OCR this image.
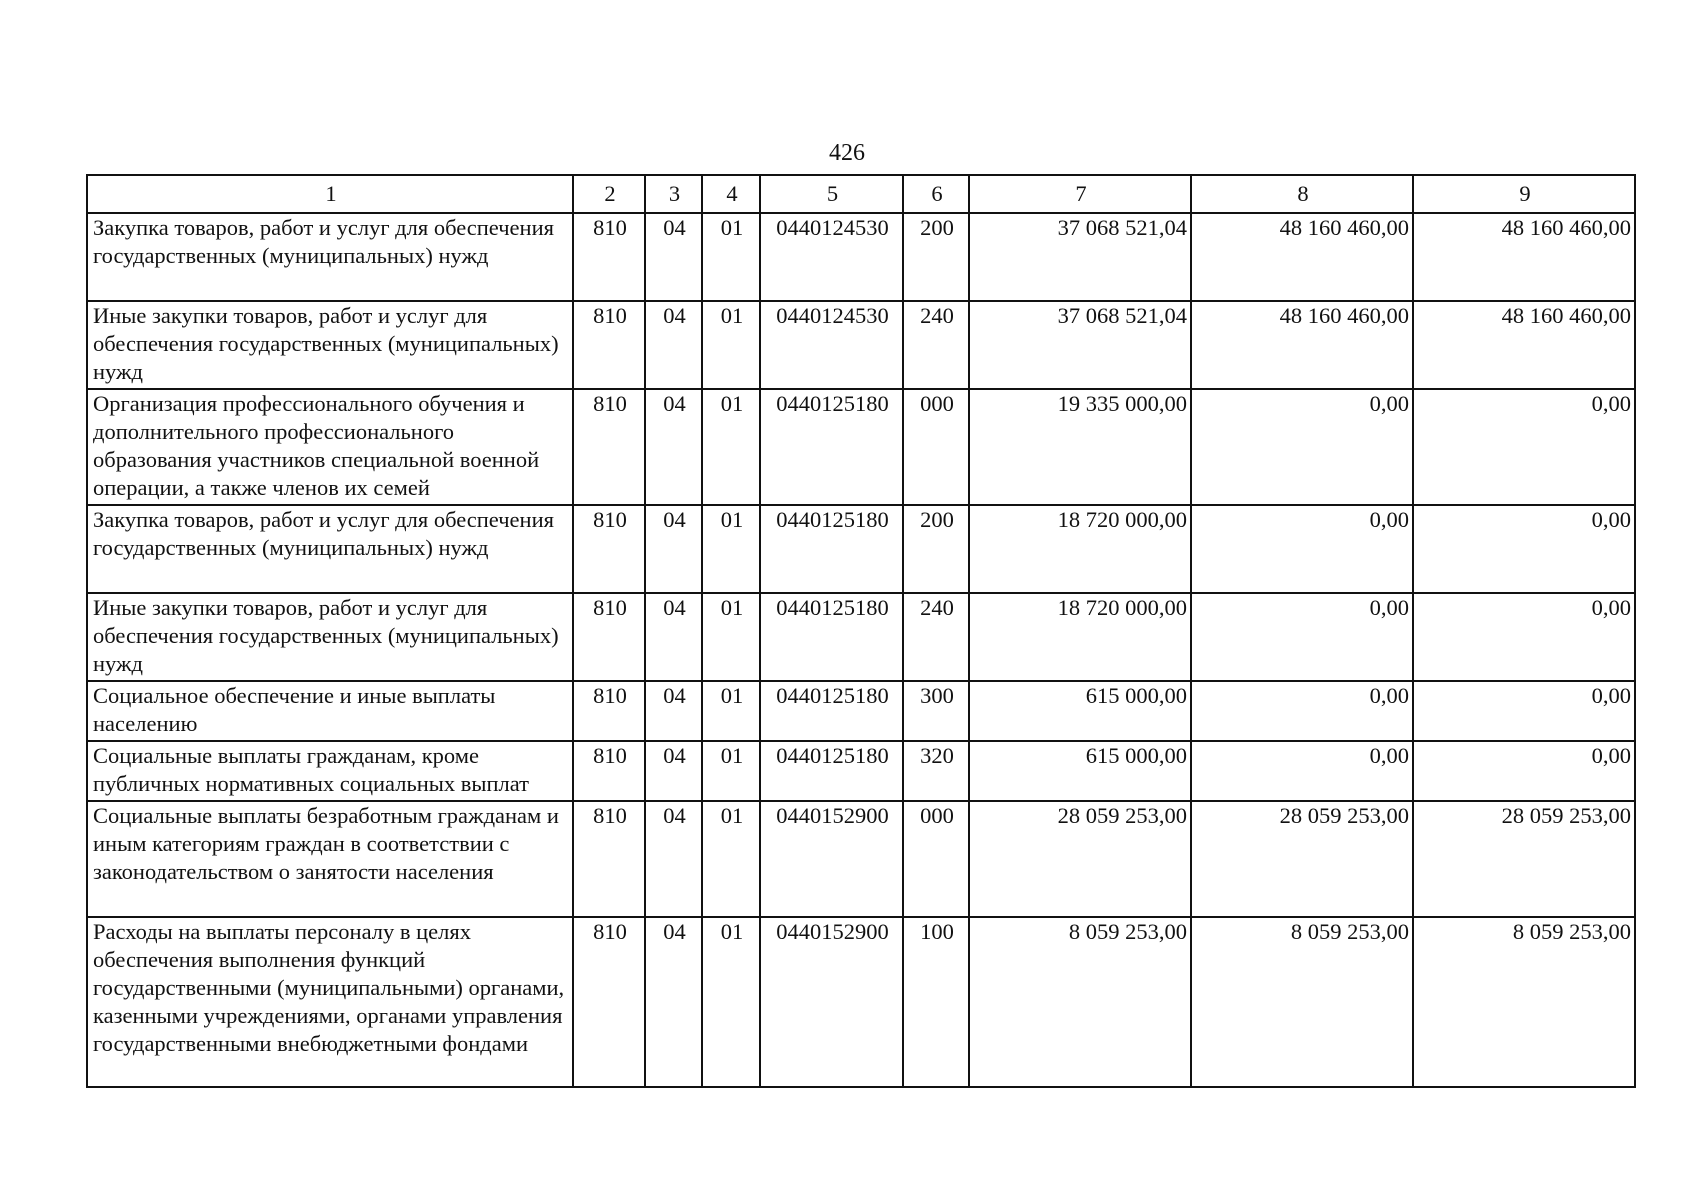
426
1	2	3	4	5	6	7	8	9
Закупка товаров, работ и услуг для обеспечения государственных (муниципальных) нужд	810	04	01	0440124530	200	37 068 521,04	48 160 460,00	48 160 460,00
Иные закупки товаров, работ и услуг для обеспечения государственных (муниципальных) нужд	810	04	01	0440124530	240	37 068 521,04	48 160 460,00	48 160 460,00
Организация профессионального обучения и дополнительного профессионального образования участников специальной военной операции, а также членов их семей	810	04	01	0440125180	000	19 335 000,00	0,00	0,00
Закупка товаров, работ и услуг для обеспечения государственных (муниципальных) нужд	810	04	01	0440125180	200	18 720 000,00	0,00	0,00
Иные закупки товаров, работ и услуг для обеспечения государственных (муниципальных) нужд	810	04	01	0440125180	240	18 720 000,00	0,00	0,00
Социальное обеспечение и иные выплаты населению	810	04	01	0440125180	300	615 000,00	0,00	0,00
Социальные выплаты гражданам, кроме публичных нормативных социальных выплат	810	04	01	0440125180	320	615 000,00	0,00	0,00
Социальные выплаты безработным гражданам и иным категориям граждан в соответствии с законодательством о занятости населения	810	04	01	0440152900	000	28 059 253,00	28 059 253,00	28 059 253,00
Расходы на выплаты персоналу в целях обеспечения выполнения функций государственными (муниципальными) органами, казенными учреждениями, органами управления государственными внебюджетными фондами	810	04	01	0440152900	100	8 059 253,00	8 059 253,00	8 059 253,00
